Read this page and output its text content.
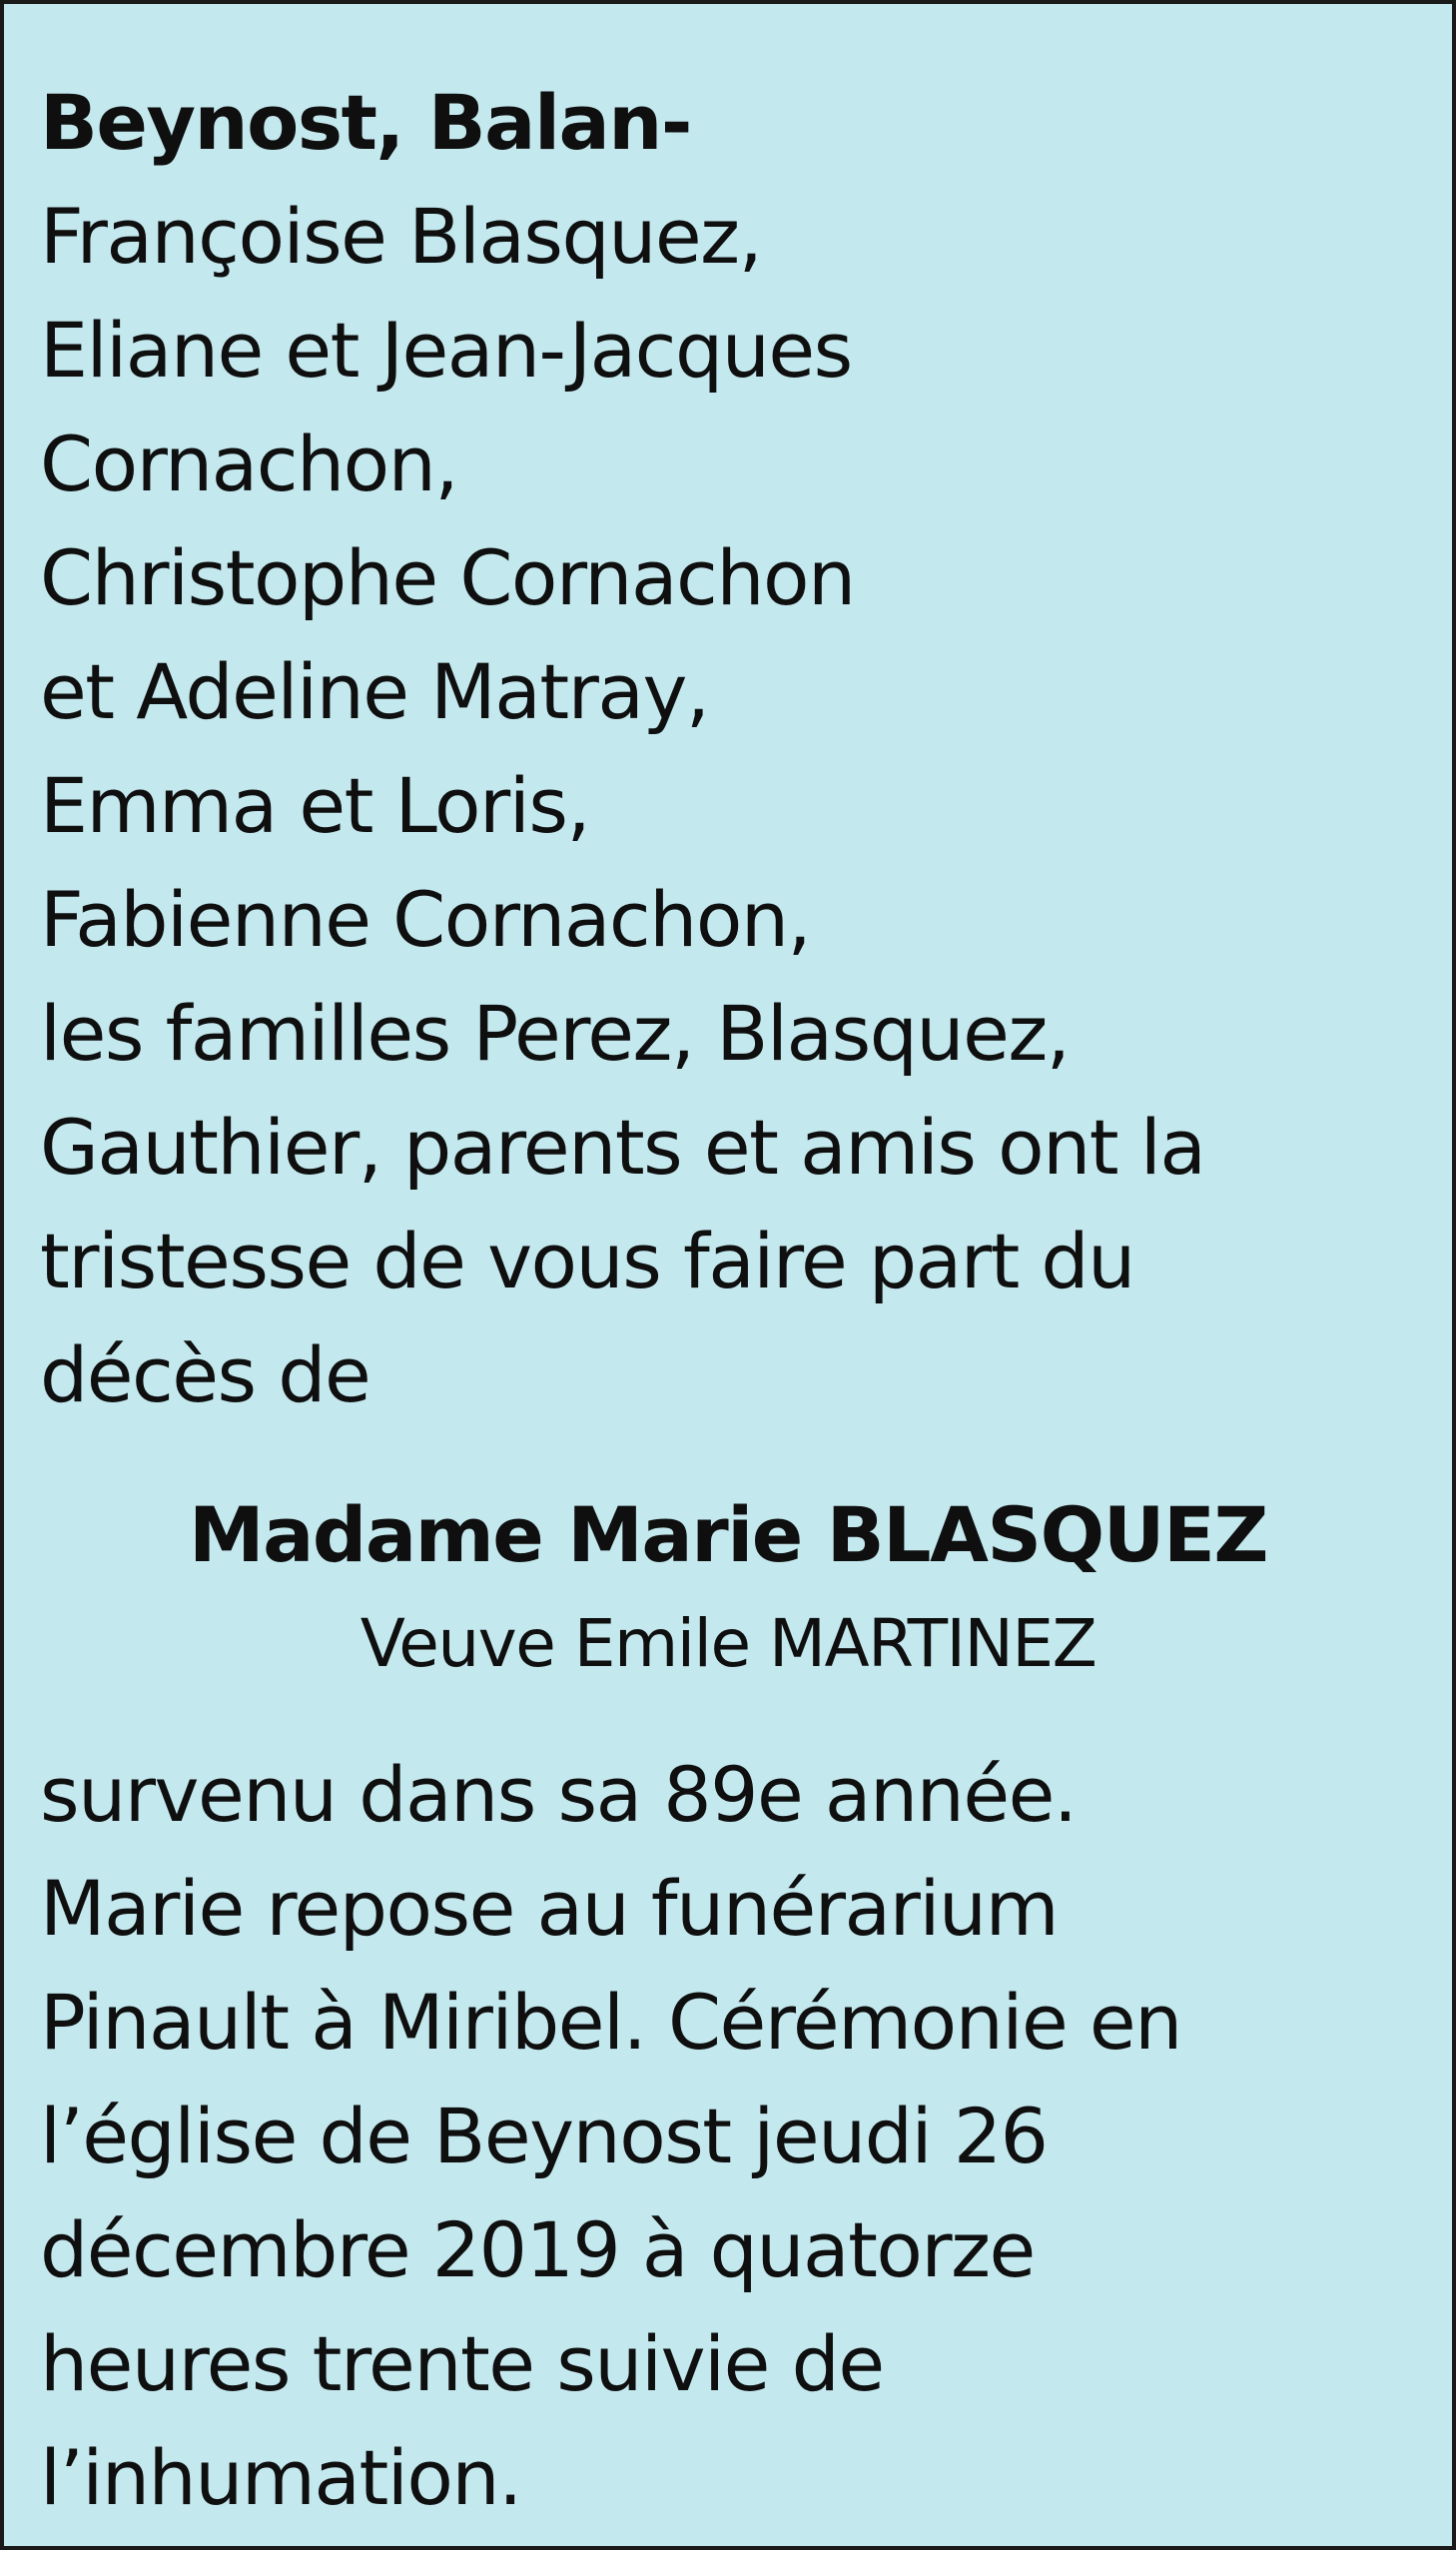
Beynost, Balan-
Françoise Blasquez,
Eliane et Jean-Jacques
Cornachon,
Christophe Cornachon
et Adeline Matray,
Emma et Loris,
Fabienne Cornachon,
les familles Perez, Blasquez,
Gauthier, parents et amis ont la
tristesse de vous faire part du
décès de
Madame Marie BLASQUEZ
Veuve Emile MARTINEZ
survenu dans sa 89e année.
Marie repose au funérarium
Pinault à Miribel. Cérémonie en
l’église de Beynost jeudi 26
décembre 2019 à quatorze
heures trente suivie de
l’inhumation.
